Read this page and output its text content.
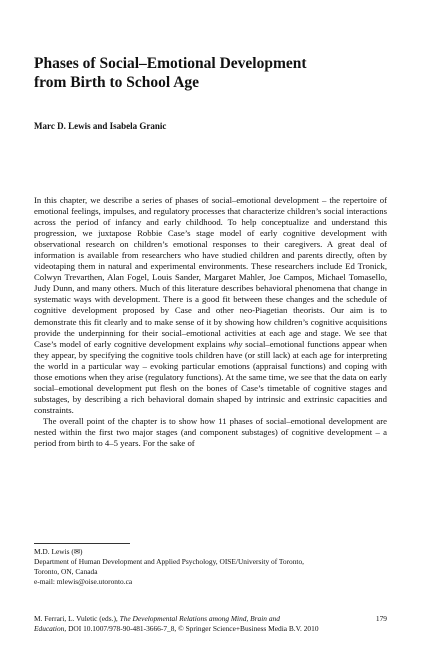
Phases of Social–Emotional Development
from Birth to School Age

Marc D. Lewis and Isabela Granic

In this chapter, we describe a series of phases of social–emotional development – the repertoire of emotional feelings, impulses, and regulatory processes that characterize children’s social interactions across the period of infancy and early childhood. To help conceptualize and understand this progression, we juxtapose Robbie Case’s stage model of early cognitive development with observational research on children’s emotional responses to their caregivers. A great deal of information is available from researchers who have studied children and parents directly, often by videotaping them in natural and experimental environments. These researchers include Ed Tronick, Colwyn Trevarthen, Alan Fogel, Louis Sander, Margaret Mahler, Joe Campos, Michael Tomasello, Judy Dunn, and many others. Much of this literature describes behavioral phenomena that change in systematic ways with development. There is a good fit between these changes and the schedule of cognitive development proposed by Case and other neo-Piagetian theorists. Our aim is to demonstrate this fit clearly and to make sense of it by showing how children’s cognitive acquisitions provide the underpinning for their social–emotional activities at each age and stage. We see that Case’s model of early cognitive development explains why social–emotional functions appear when they appear, by specifying the cognitive tools children have (or still lack) at each age for interpreting the world in a particular way – evoking particular emotions (appraisal functions) and coping with those emotions when they arise (regulatory functions). At the same time, we see that the data on early social–emotional development put flesh on the bones of Case’s timetable of cognitive stages and substages, by describing a rich behavioral domain shaped by intrinsic and extrinsic capacities and constraints.

The overall point of the chapter is to show how 11 phases of social–emotional development are nested within the first two major stages (and component substages) of cognitive development – a period from birth to 4–5 years. For the sake of

M.D. Lewis (✉)
Department of Human Development and Applied Psychology, OISE/University of Toronto,
Toronto, ON, Canada
e-mail: mlewis@oise.utoronto.ca
M. Ferrari, L. Vuletic (eds.), The Developmental Relations among Mind, Brain and	179
Education, DOI 10.1007/978-90-481-3666-7_8, © Springer Science+Business Media B.V. 2010
